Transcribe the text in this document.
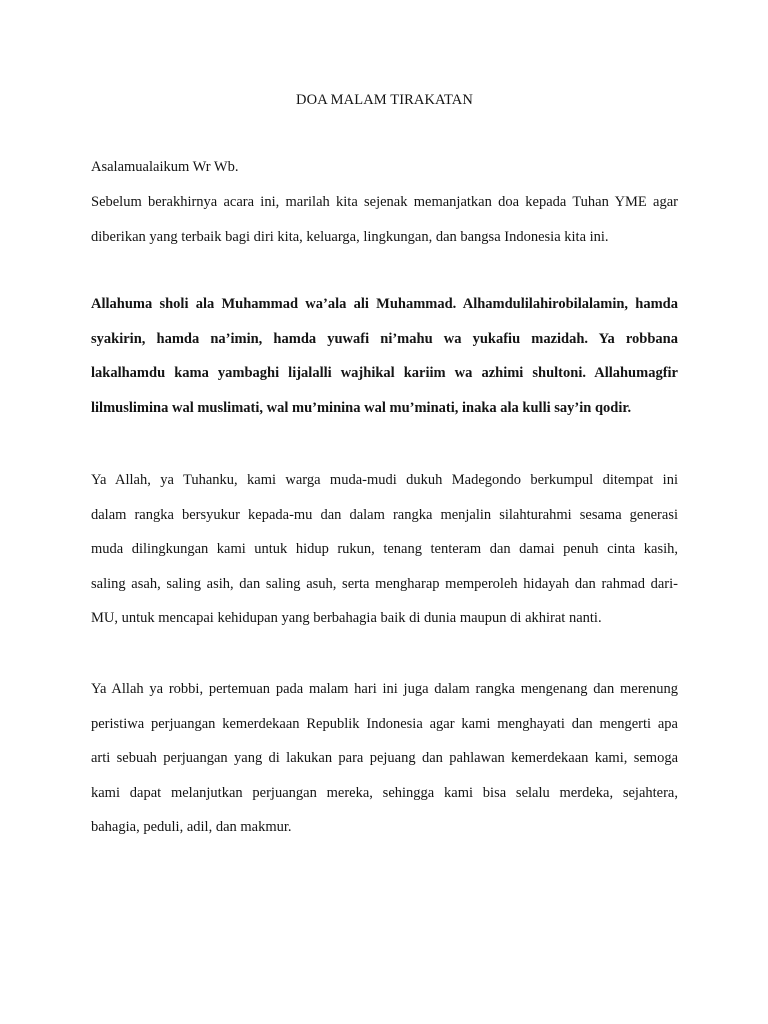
DOA MALAM TIRAKATAN

Asalamualaikum Wr Wb.

Sebelum berakhirnya acara ini, marilah kita sejenak memanjatkan doa kepada Tuhan YME agar
diberikan yang terbaik bagi diri kita, keluarga, lingkungan, dan bangsa Indonesia kita ini.
Allahuma sholi ala Muhammad wa’ala ali Muhammad. Alhamdulilahirobilalamin, hamda
syakirin, hamda na’imin, hamda yuwafi ni’mahu wa yukafiu mazidah. Ya robbana
lakalhamdu kama yambaghi lijalalli wajhikal kariim wa azhimi shultoni. Allahumagfir
lilmuslimina wal muslimati, wal mu’minina wal mu’minati, inaka ala kulli say’in qodir.
Ya Allah, ya Tuhanku, kami warga muda-mudi dukuh Madegondo berkumpul ditempat ini
dalam rangka bersyukur kepada-mu dan dalam rangka menjalin silahturahmi sesama generasi
muda dilingkungan kami untuk hidup rukun, tenang tenteram dan damai penuh cinta kasih,
saling asah, saling asih, dan saling asuh, serta mengharap memperoleh hidayah dan rahmad dari-
MU, untuk mencapai kehidupan yang berbahagia baik di dunia maupun di akhirat nanti.
Ya Allah ya robbi, pertemuan pada malam hari ini juga dalam rangka mengenang dan merenung
peristiwa perjuangan kemerdekaan Republik Indonesia agar kami menghayati dan mengerti apa
arti sebuah perjuangan yang di lakukan para pejuang dan pahlawan kemerdekaan kami, semoga
kami dapat melanjutkan perjuangan mereka, sehingga kami bisa selalu merdeka, sejahtera,
bahagia, peduli, adil, dan makmur.
